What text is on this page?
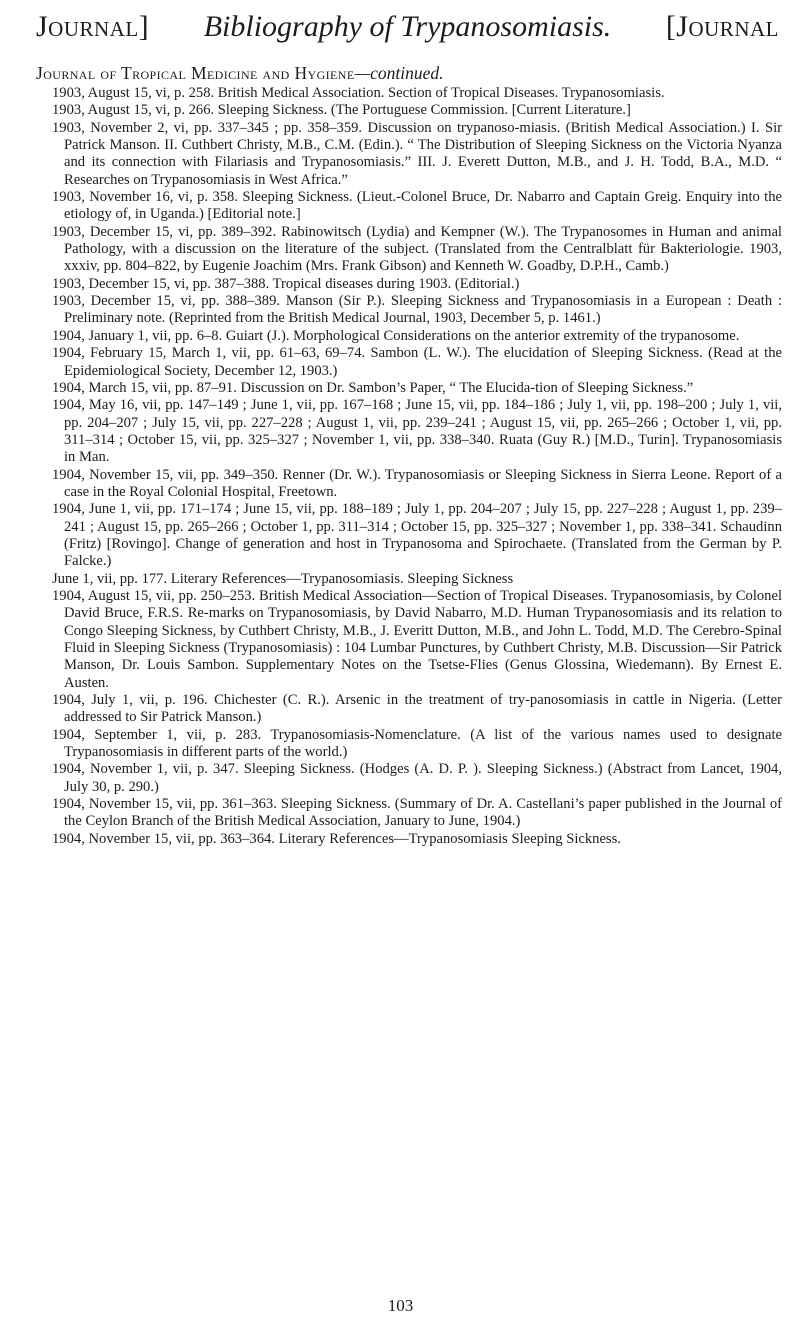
Journal] Bibliography of Trypanosomiasis. [Journal
Journal of Tropical Medicine and Hygiene—continued.

1903, August 15, vi, p. 258. British Medical Association. Section of Tropical Diseases. Trypanosomiasis.

1903, August 15, vi, p. 266. Sleeping Sickness. (The Portuguese Commission. [Current Literature.]

1903, November 2, vi, pp. 337–345 ; pp. 358–359. Discussion on trypanoso-miasis. (British Medical Association.) I. Sir Patrick Manson. II. Cuthbert Christy, M.B., C.M. (Edin.). “ The Distribution of Sleeping Sickness on the Victoria Nyanza and its connection with Filariasis and Trypanosomiasis.” III. J. Everett Dutton, M.B., and J. H. Todd, B.A., M.D. “ Researches on Trypanosomiasis in West Africa.”

1903, November 16, vi, p. 358. Sleeping Sickness. (Lieut.-Colonel Bruce, Dr. Nabarro and Captain Greig. Enquiry into the etiology of, in Uganda.) [Editorial note.]

1903, December 15, vi, pp. 389–392. Rabinowitsch (Lydia) and Kempner (W.). The Trypanosomes in Human and animal Pathology, with a discussion on the literature of the subject. (Translated from the Centralblatt für Bakteriologie. 1903, xxxiv, pp. 804–822, by Eugenie Joachim (Mrs. Frank Gibson) and Kenneth W. Goadby, D.P.H., Camb.)

1903, December 15, vi, pp. 387–388. Tropical diseases during 1903. (Editorial.)

1903, December 15, vi, pp. 388–389. Manson (Sir P.). Sleeping Sickness and Trypanosomiasis in a European : Death : Preliminary note. (Reprinted from the British Medical Journal, 1903, December 5, p. 1461.)

1904, January 1, vii, pp. 6–8. Guiart (J.). Morphological Considerations on the anterior extremity of the trypanosome.

1904, February 15, March 1, vii, pp. 61–63, 69–74. Sambon (L. W.). The elucidation of Sleeping Sickness. (Read at the Epidemiological Society, December 12, 1903.)

1904, March 15, vii, pp. 87–91. Discussion on Dr. Sambon’s Paper, “ The Elucida-tion of Sleeping Sickness.”

1904, May 16, vii, pp. 147–149 ; June 1, vii, pp. 167–168 ; June 15, vii, pp. 184–186 ; July 1, vii, pp. 198–200 ; July 1, vii, pp. 204–207 ; July 15, vii, pp. 227–228 ; August 1, vii, pp. 239–241 ; August 15, vii, pp. 265–266 ; October 1, vii, pp. 311–314 ; October 15, vii, pp. 325–327 ; November 1, vii, pp. 338–340. Ruata (Guy R.) [M.D., Turin]. Trypanosomiasis in Man.

1904, November 15, vii, pp. 349–350. Renner (Dr. W.). Trypanosomiasis or Sleeping Sickness in Sierra Leone. Report of a case in the Royal Colonial Hospital, Freetown.

1904, June 1, vii, pp. 171–174 ; June 15, vii, pp. 188–189 ; July 1, pp. 204–207 ; July 15, pp. 227–228 ; August 1, pp. 239–241 ; August 15, pp. 265–266 ; October 1, pp. 311–314 ; October 15, pp. 325–327 ; November 1, pp. 338–341. Schaudinn (Fritz) [Rovingo]. Change of generation and host in Trypanosoma and Spirochaete. (Translated from the German by P. Falcke.)

June 1, vii, pp. 177. Literary References—Trypanosomiasis. Sleeping Sickness

1904, August 15, vii, pp. 250–253. British Medical Association—Section of Tropical Diseases. Trypanosomiasis, by Colonel David Bruce, F.R.S. Re-marks on Trypanosomiasis, by David Nabarro, M.D. Human Trypanosomiasis and its relation to Congo Sleeping Sickness, by Cuthbert Christy, M.B., J. Everitt Dutton, M.B., and John L. Todd, M.D. The Cerebro-Spinal Fluid in Sleeping Sickness (Trypanosomiasis) : 104 Lumbar Punctures, by Cuthbert Christy, M.B. Discussion—Sir Patrick Manson, Dr. Louis Sambon. Supplementary Notes on the Tsetse-Flies (Genus Glossina, Wiedemann). By Ernest E. Austen.

1904, July 1, vii, p. 196. Chichester (C. R.). Arsenic in the treatment of try-panosomiasis in cattle in Nigeria. (Letter addressed to Sir Patrick Manson.)

1904, September 1, vii, p. 283. Trypanosomiasis-Nomenclature. (A list of the various names used to designate Trypanosomiasis in different parts of the world.)

1904, November 1, vii, p. 347. Sleeping Sickness. (Hodges (A. D. P. ). Sleeping Sickness.) (Abstract from Lancet, 1904, July 30, p. 290.)

1904, November 15, vii, pp. 361–363. Sleeping Sickness. (Summary of Dr. A. Castellani’s paper published in the Journal of the Ceylon Branch of the British Medical Association, January to June, 1904.)

1904, November 15, vii, pp. 363–364. Literary References—Trypanosomiasis Sleeping Sickness.

103
